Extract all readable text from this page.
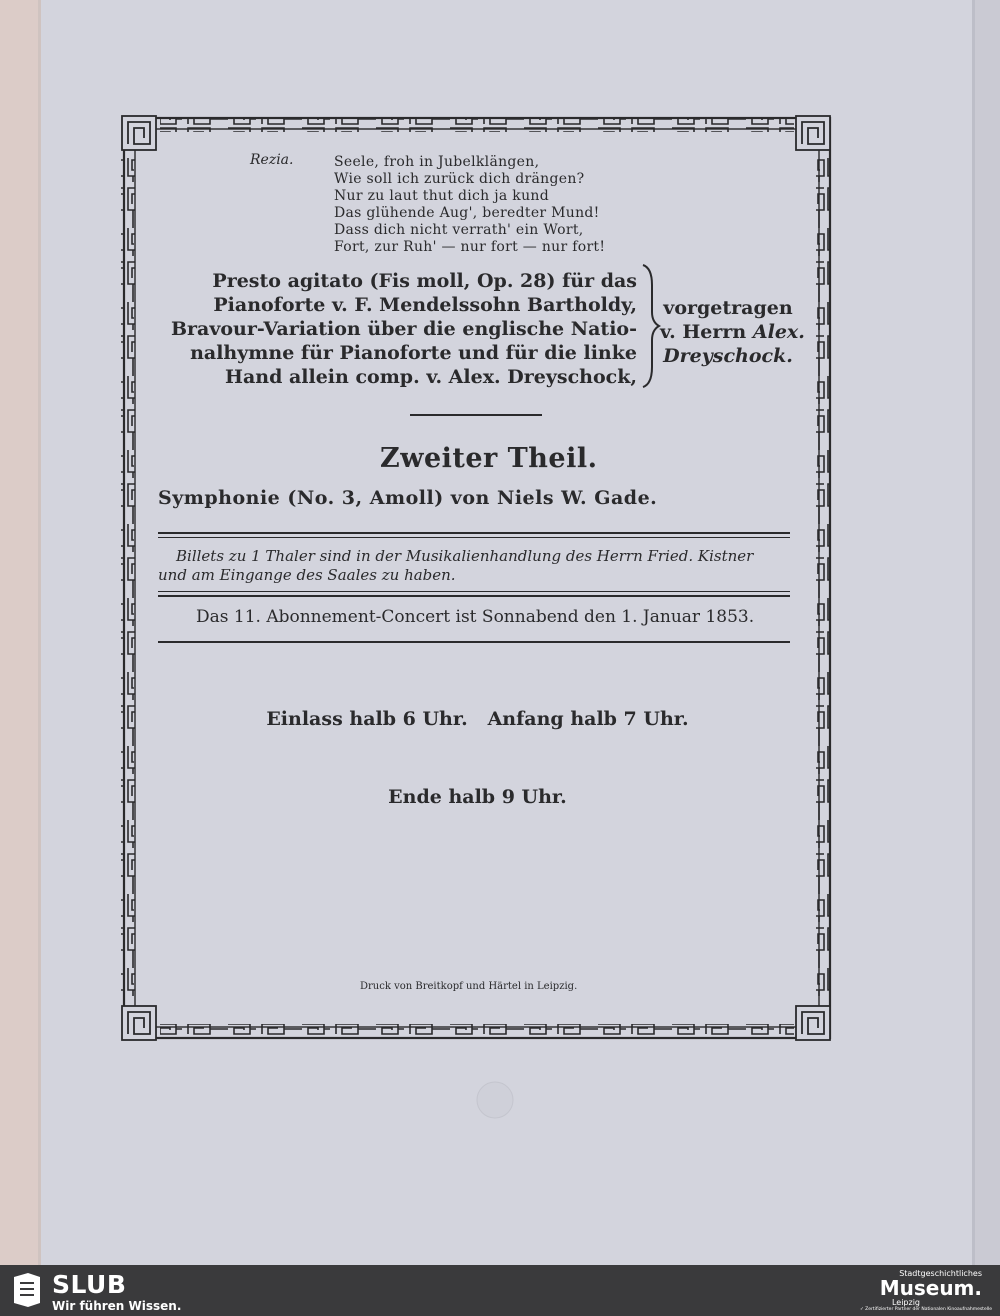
Rezia.	Seele, froh in Jubelklängen,
Wie soll ich zurück dich drängen?
Nur zu laut thut dich ja kund
Das glühende Aug', beredter Mund!
Dass dich nicht verrath' ein Wort,
Fort, zur Ruh' — nur fort — nur fort!
Presto agitato (Fis moll, Op. 28) für das
Pianoforte v. F. Mendelssohn Bartholdy,
Bravour-Variation über die englische Natio-
nalhymne für Pianoforte und für die linke
Hand allein comp. v. Alex. Dreyschock,
vorgetragen
v. Herrn Alex.
Dreyschock.
Zweiter Theil.
Symphonie (No. 3, Amoll) von Niels W. Gade.
Billets zu 1 Thaler sind in der Musikalienhandlung des Herrn Fried. Kistner
und am Eingange des Saales zu haben.
Das 11. Abonnement-Concert ist Sonnabend den 1. Januar 1853.

Einlass halb 6 Uhr.   Anfang halb 7 Uhr.

Ende halb 9 Uhr.

Druck von Breitkopf und Härtel in Leipzig.
SLUB
Wir führen Wissen.
Stadtgeschichtliches
Museum.
Leipzig
✓ Zertifizierter Partner der Nationalen Kinoaufnahmestelle
